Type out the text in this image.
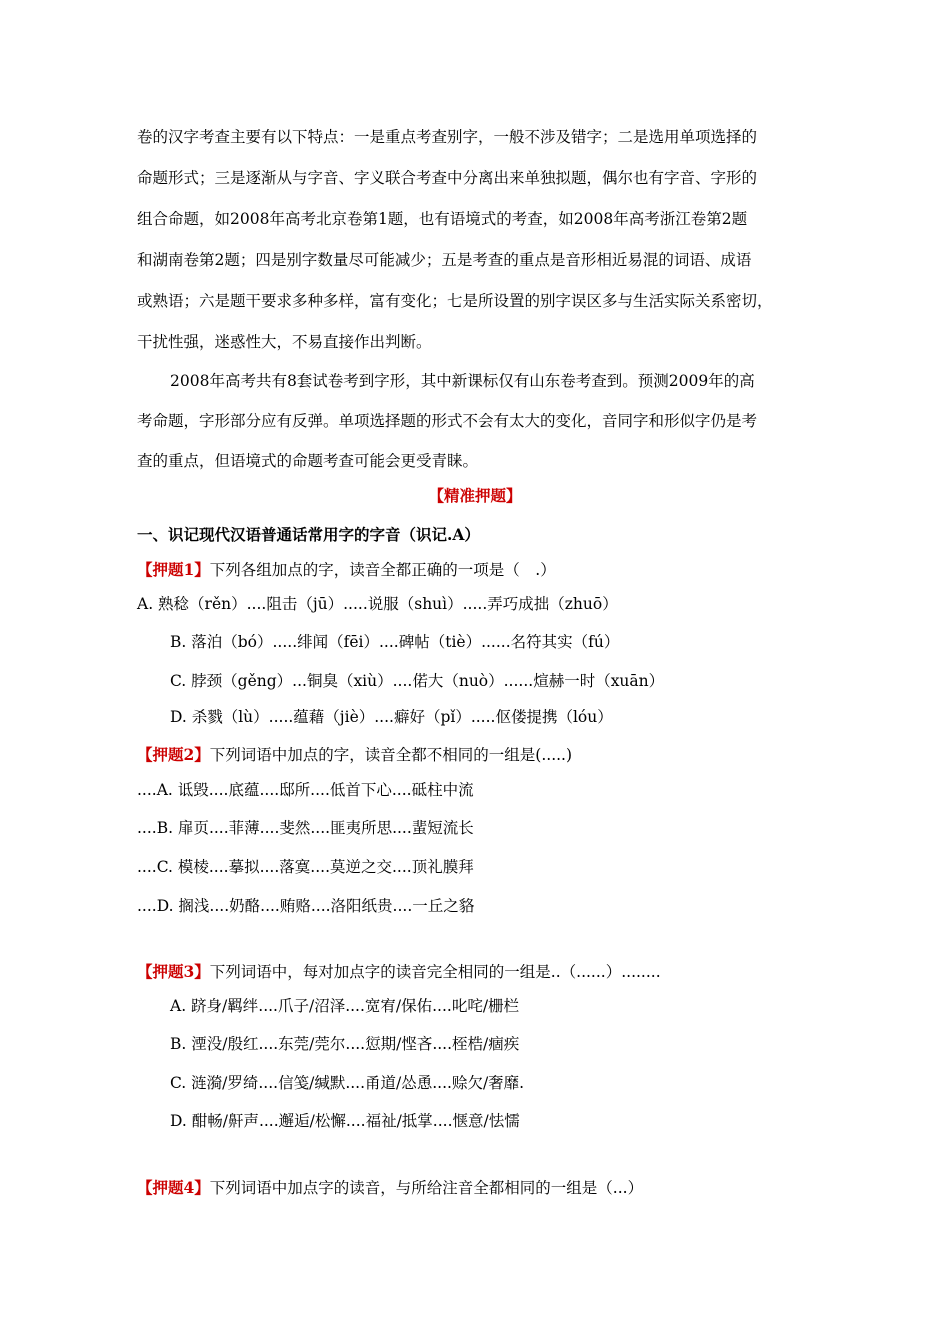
卷的汉字考查主要有以下特点：一是重点考查别字，一般不涉及错字；二是选用单项选择的
命题形式；三是逐渐从与字音、字义联合考查中分离出来单独拟题，偶尔也有字音、字形的
组合命题，如2008年高考北京卷第1题，也有语境式的考查，如2008年高考浙江卷第2题
和湖南卷第2题；四是别字数量尽可能减少；五是考查的重点是音形相近易混的词语、成语
或熟语；六是题干要求多种多样，富有变化；七是所设置的别字误区多与生活实际关系密切，
干扰性强，迷惑性大，不易直接作出判断。
2008年高考共有8套试卷考到字形，其中新课标仅有山东卷考查到。预测2009年的高
考命题，字形部分应有反弹。单项选择题的形式不会有太大的变化，音同字和形似字仍是考
查的重点，但语境式的命题考查可能会更受青睐。
【精准押题】
一、识记现代汉语普通话常用字的字音（识记.A）
【押题1】下列各组加点的字，读音全都正确的一项是（　.）
A. 熟稔（rěn）....阻击（jū）.....说服（shuì）.....弄巧成拙（zhuō）
B. 落泊（bó）.....绯闻（fēi）....碑帖（tiè）......名符其实（fú）
C. 脖颈（gěng）...铜臭（xiù）....偌大（nuò）......煊赫一时（xuān）
D. 杀戮（lù）.....蕴藉（jiè）....癖好（pǐ）.....伛偻提携（lóu）
【押题2】下列词语中加点的字，读音全都不相同的一组是(.....)
....A. 诋毁....底蕴....邸所....低首下心....砥柱中流
....B. 扉页....菲薄....斐然....匪夷所思....蜚短流长
....C. 模棱....摹拟....落寞....莫逆之交....顶礼膜拜
....D. 搁浅....奶酪....贿赂....洛阳纸贵....一丘之貉
【押题3】下列词语中，每对加点字的读音完全相同的一组是..（......）........
A. 跻身/羁绊....爪子/沼泽....宽宥/保佑....叱咤/栅栏
B. 湮没/殷红....东莞/莞尔....愆期/悭吝....桎梏/痼疾
C. 涟漪/罗绮....信笺/缄默....甬道/怂恿....赊欠/奢靡.
D. 酣畅/鼾声....邂逅/松懈....福祉/抵掌....惬意/怯懦
【押题4】下列词语中加点字的读音，与所给注音全都相同的一组是（...）
